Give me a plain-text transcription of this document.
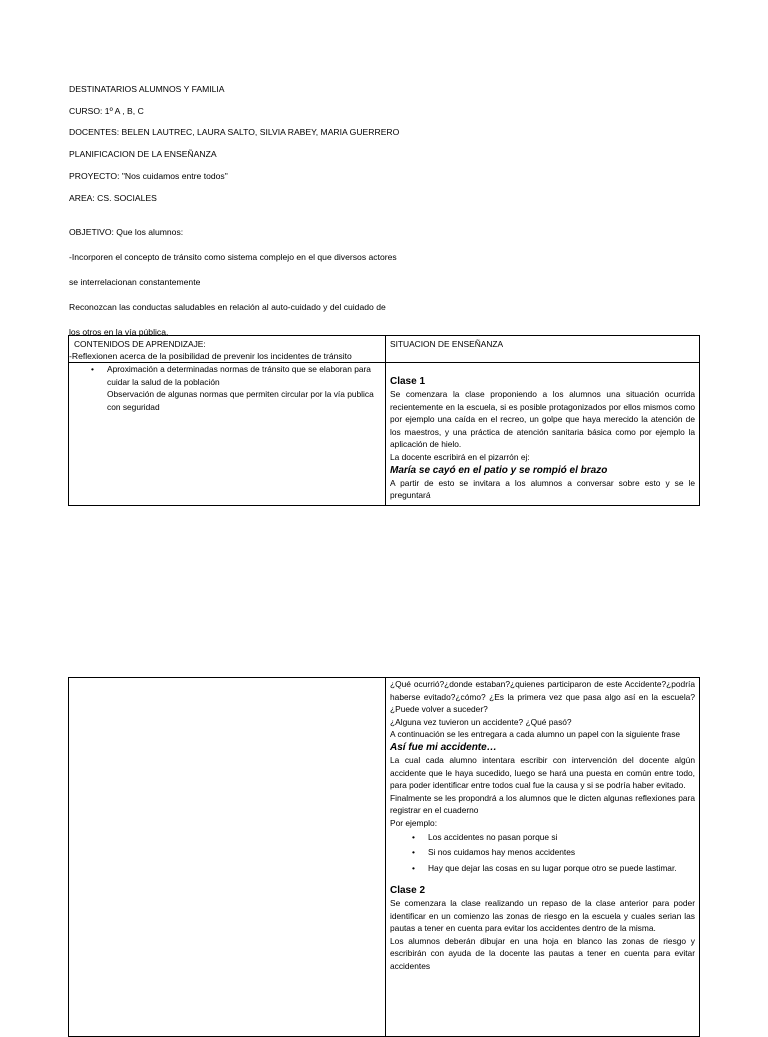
DESTINATARIOS ALUMNOS Y FAMILIA

CURSO: 1º A , B, C

DOCENTES: BELEN LAUTREC, LAURA SALTO, SILVIA RABEY, MARIA GUERRERO

PLANIFICACION DE LA ENSEÑANZA

PROYECTO: "Nos cuidamos entre todos"

AREA: CS. SOCIALES

OBJETIVO: Que los alumnos:

-Incorporen el concepto de tránsito como sistema complejo en el que diversos actores

se interrelacionan constantemente

Reconozcan las conductas saludables en relación al auto-cuidado y del cuidado de

los otros en la vía pública.

-Reflexionen acerca de la posibilidad de prevenir los incidentes de tránsito

CONTENIDOS DE APRENDIZAJE:	SITUACION DE ENSEÑANZA
• Aproximación a determinadas normas de tránsito que se elaboran para cuidar la salud de la población
Observación de algunas normas que permiten circular por la vía publica con seguridad
Clase 1
Se comenzara la clase proponiendo a los alumnos una situación ocurrida recientemente en la escuela, si es posible protagonizados por ellos mismos como por ejemplo una caída en el recreo, un golpe que haya merecido la atención de los maestros, y una práctica de atención sanitaria básica como por ejemplo la aplicación de hielo.
La docente escribirá en el pizarrón ej:
María se cayó en el patio y se rompió el brazo
A partir de esto se invitara a los alumnos a conversar sobre esto y se le preguntará
¿Qué ocurrió?¿donde estaban?¿quienes participaron de este Accidente?¿podría haberse evitado?¿cómo? ¿Es la primera vez que pasa algo así en la escuela? ¿Puede volver a suceder?
¿Alguna vez tuvieron un accidente? ¿Qué pasó?
A continuación se les entregara a cada alumno un papel con la siguiente frase
Así fue mi accidente…
La cual cada alumno intentara escribir con intervención del docente algún accidente que le haya sucedido, luego se hará una puesta en común entre todo, para poder identificar entre todos cual fue la causa y si se podría haber evitado.
Finalmente se les propondrá a los alumnos que le dicten algunas reflexiones para registrar en el cuaderno
Por ejemplo:
• Los accidentes no pasan porque si
• Si nos cuidamos hay menos accidentes
• Hay que dejar las cosas en su lugar porque otro se puede lastimar.
Clase 2
Se comenzara la clase realizando un repaso de la clase anterior para poder identificar en un comienzo las zonas de riesgo en la escuela y cuales serian las pautas a tener en cuenta para evitar los accidentes dentro de la misma.
Los alumnos deberán dibujar en una hoja en blanco las zonas de riesgo y escribirán con ayuda de la docente las pautas a tener en cuenta para evitar accidentes
